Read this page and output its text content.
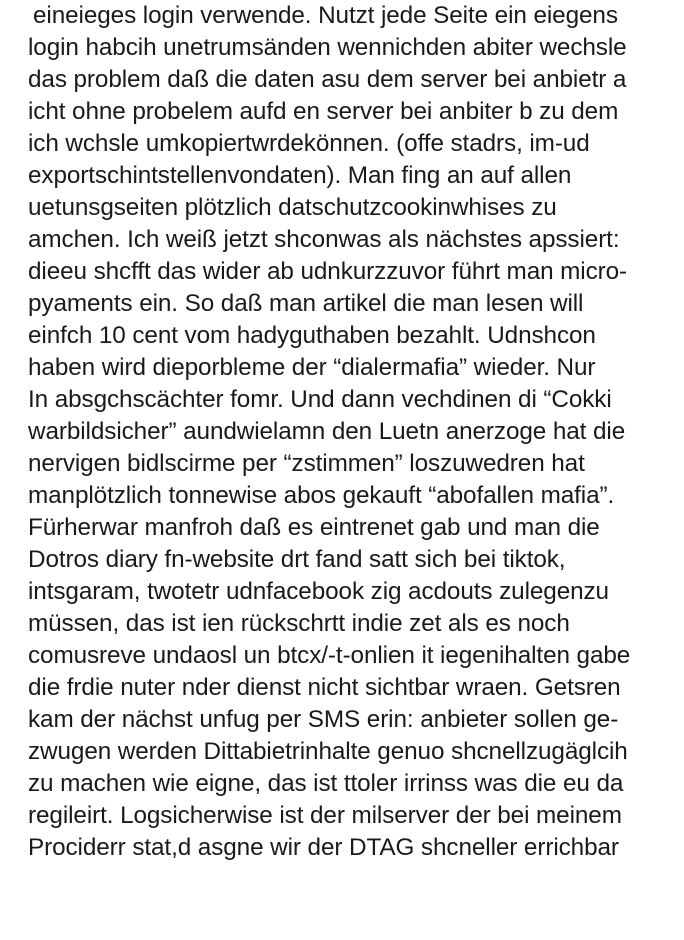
eineieges login verwende. Nutzt jede Seite ein eiegens
login habcih unetrumsänden wennichden abiter wechsle
das problem daß die daten asu dem server bei anbietr a
icht ohne probelem aufd en server bei anbiter b zu dem
ich wchsle umkopiertwrdekönnen. (offe stadrs, im-ud
exportschintstellenvondaten). Man fing an auf allen
uetunsgseiten plötzlich datschutzcookinwhises zu
amchen. Ich weiß jetzt shconwas als nächstes apssiert:
dieeu shcfft das wider ab udnkurzzuvor führt man micro-
pyaments ein. So daß man artikel die man lesen will
einfch 10 cent vom hadyguthaben bezahlt. Udnshcon
haben wird dieporbleme der “dialermafia” wieder. Nur
In absgchscächter fomr. Und dann vechdinen di “Cokki
warbildsicher” aundwielamn den Luetn anerzoge hat die
nervigen bidlscirme per “zstimmen” loszuwedren hat
manplötzlich tonnewise abos gekauft “abofallen mafia”.
Fürherwar manfroh daß es eintrenet gab und man die
Dotros diary fn-website drt fand satt sich bei tiktok,
intsgaram, twotetr udnfacebook zig acdouts zulegenzu
müssen, das ist ien rückschrtt indie zet als es noch
comusreve undaosl un btcx/-t-onlien it iegenihalten gabe
die frdie nuter nder dienst nicht sichtbar wraen. Getsren
kam der nächst unfug per SMS erin: anbieter sollen ge-
zwugen werden Dittabietrinhalte genuo shcnellzugäglcih
zu machen wie eigne, das ist ttoler irrinss was die eu da
regileirt. Logsicherwise ist der milserver der bei meinem
Prociderr stat,d asgne wir der DTAG shcneller errichbar
